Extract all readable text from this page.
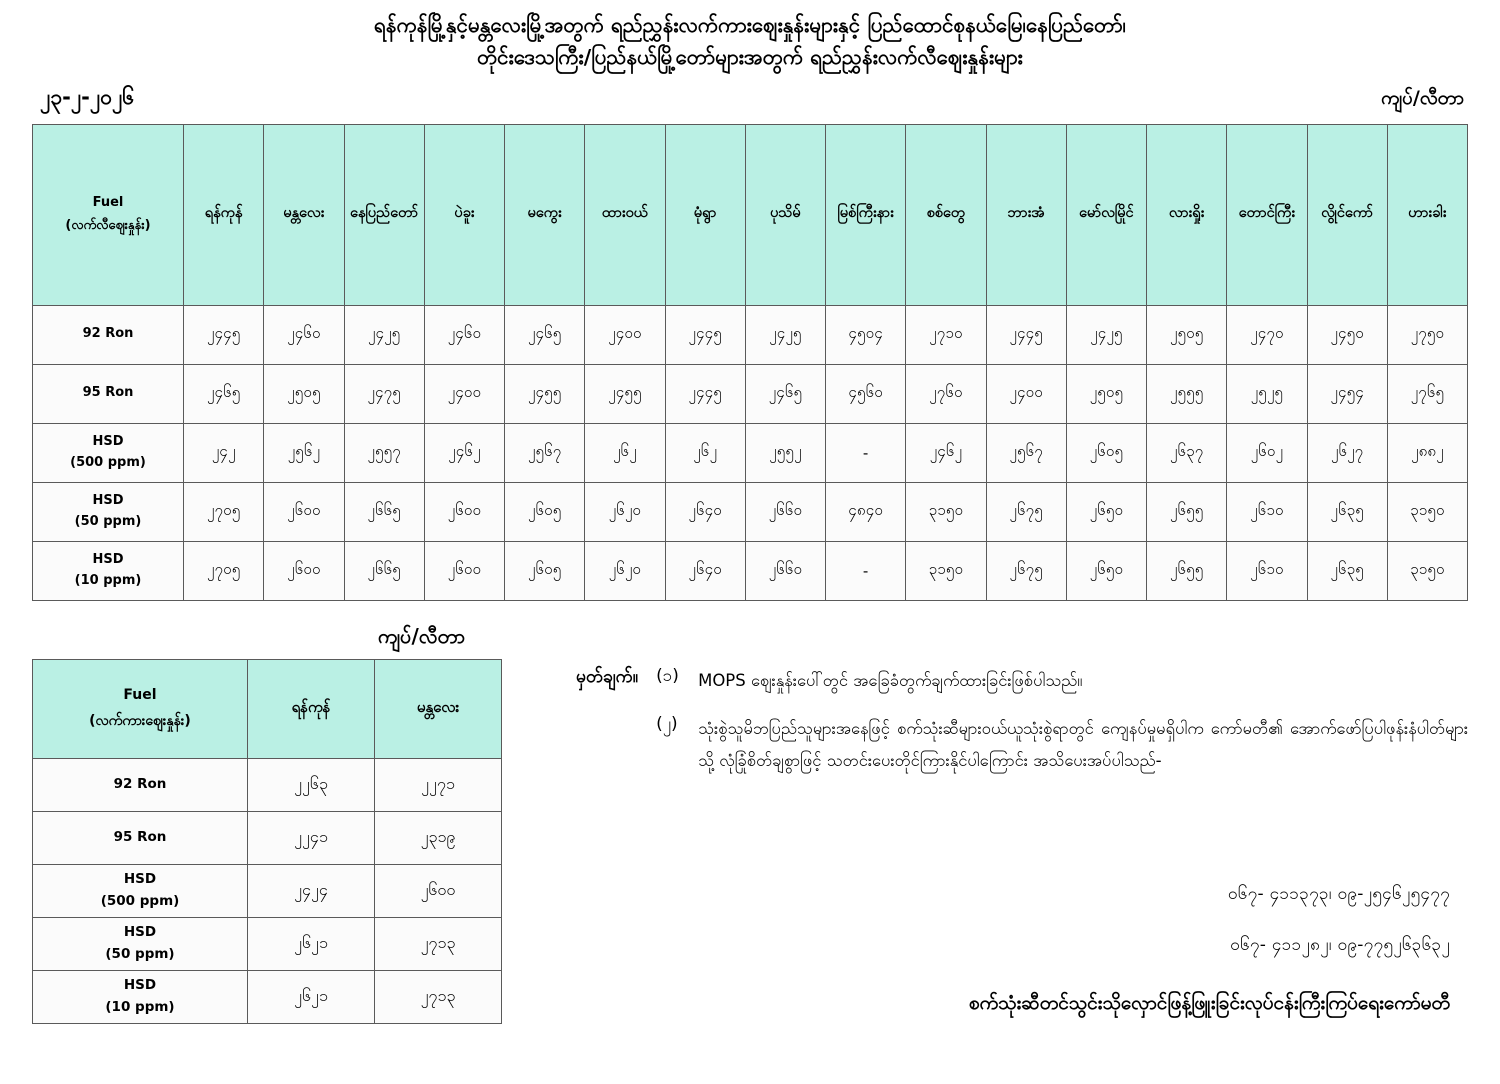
ရန်ကုန်မြို့နှင့်မန္တလေးမြို့အတွက် ရည်ညွှန်းလက်ကားဈေးနှုန်းများနှင့် ပြည်ထောင်စုနယ်မြေ၊နေပြည်တော်၊
တိုင်းဒေသကြီး/ပြည်နယ်မြို့တော်များအတွက် ရည်ညွှန်းလက်လီဈေးနှုန်းများ
၂၃-၂-၂၀၂၆	ကျပ်/လီတာ
Fuel
(လက်လီဈေးနှုန်း)	ရန်ကုန်	မန္တလေး	နေပြည်တော်	ပဲခူး	မကွေး	ထားဝယ်	မုံရွာ	ပုသိမ်	မြစ်ကြီးနား	စစ်တွေ	ဘားအံ	မော်လမြိုင်	လားရှိုး	တောင်ကြီး	လွိုင်ကော်	ဟားခါး

92 Ron	၂၄၄၅	၂၄၆၀	၂၄၂၅	၂၄၆၀	၂၄၆၅	၂၄၀၀	၂၄၄၅	၂၄၂၅	၄၅၀၄	၂၇၁၀	၂၄၄၅	၂၄၂၅	၂၅၀၅	၂၄၇၀	၂၄၅၀	၂၇၅၀

95 Ron	၂၄၆၅	၂၅၀၅	၂၄၇၅	၂၄၀၀	၂၄၅၅	၂၄၅၅	၂၄၄၅	၂၄၆၅	၄၅၆၀	၂၇၆၀	၂၄၀၀	၂၅၀၅	၂၅၅၅	၂၅၂၅	၂၄၅၄	၂၇၆၅

HSD
(500 ppm)	၂၄၂	၂၅၆၂	၂၅၅၇	၂၄၆၂	၂၅၆၇	၂၆၂	၂၆၂	၂၅၅၂	-	၂၄၆၂	၂၅၆၇	၂၆၀၅	၂၆၃၇	၂၆၀၂	၂၆၂၇	၂၈၈၂

HSD
(50 ppm)	၂၇၀၅	၂၆၀၀	၂၆၆၅	၂၆၀၀	၂၆၀၅	၂၆၂၀	၂၆၄၀	၂၆၆၀	၄၈၄၀	၃၁၅၀	၂၆၇၅	၂၆၅၀	၂၆၅၅	၂၆၁၀	၂၆၃၅	၃၁၅၀

HSD
(10 ppm)	၂၇၀၅	၂၆၀၀	၂၆၆၅	၂၆၀၀	၂၆၀၅	၂၆၂၀	၂၆၄၀	၂၆၆၀	-	၃၁၅၀	၂၆၇၅	၂၆၅၀	၂၆၅၅	၂၆၁၀	၂၆၃၅	၃၁၅၀
ကျပ်/လီတာ
Fuel
(လက်ကားဈေးနှုန်း)	ရန်ကုန်	မန္တလေး

92 Ron	၂၂၆၃	၂၂၇၁

95 Ron	၂၂၄၁	၂၃၁၉

HSD
(500 ppm)	၂၄၂၄	၂၆၀၀

HSD
(50 ppm)	၂၆၂၁	၂၇၁၃

HSD
(10 ppm)	၂၆၂၁	၂၇၁၃
မှတ်ချက်။ (၁)	MOPS ဈေးနှုန်းပေါ်တွင် အခြေခံတွက်ချက်ထားခြင်းဖြစ်ပါသည်။
(၂)	သုံးစွဲသူမိဘပြည်သူများအနေဖြင့် စက်သုံးဆီများဝယ်ယူသုံးစွဲရာတွင် ကျေနပ်မှုမရှိပါက ကော်မတီ၏ အောက်ဖော်ပြပါဖုန်းနံပါတ်များသို့ လုံခြုံစိတ်ချစွာဖြင့် သတင်းပေးတိုင်ကြားနိုင်ပါကြောင်း အသိပေးအပ်ပါသည်-
၀၆၇- ၄၁၁၃၇၃၊ ၀၉-၂၅၄၆၂၅၄၇၇
၀၆၇- ၄၁၁၂၈၂၊ ၀၉-၇၇၅၂၆၃၆၃၂
စက်သုံးဆီတင်သွင်းသိုလှောင်ဖြန့်ဖြူးခြင်းလုပ်ငန်းကြီးကြပ်ရေးကော်မတီ
